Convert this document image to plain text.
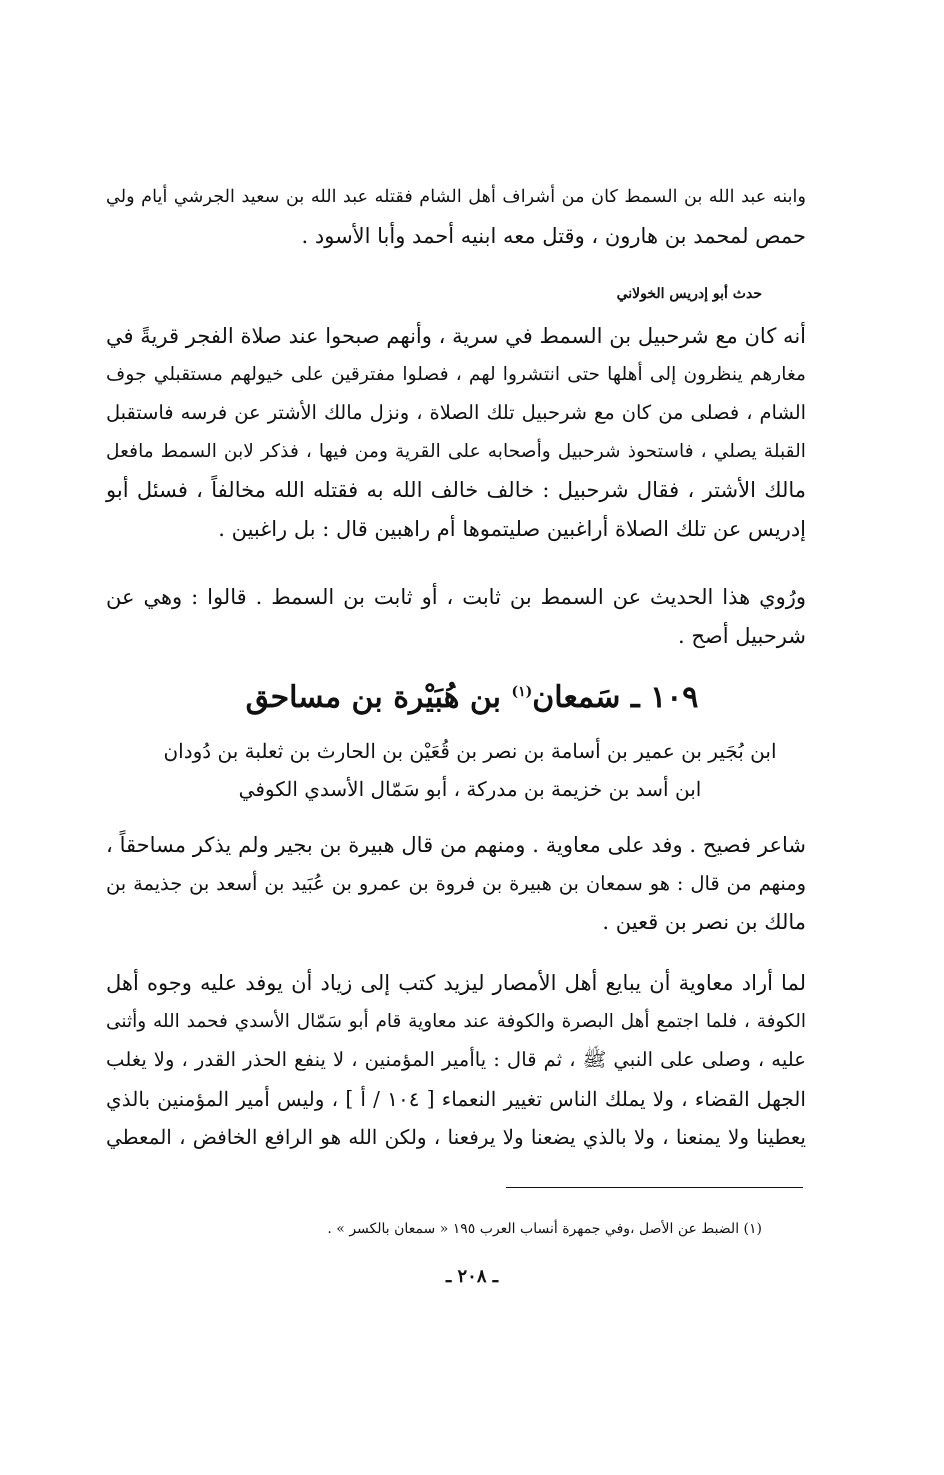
وابنه عبد الله بن السمط كان من أشراف أهل الشام فقتله عبد الله بن سعيد الجرشي أيام ولي
حمص لمحمد بن هارون ، وقتل معه ابنيه أحمد وأبا الأسود .
حدث أبو إدريس الخولاني
أنه كان مع شرحبيل بن السمط في سرية ، وأنهم صبحوا عند صلاة الفجر قريةً في
مغارهم ينظرون إلى أهلها حتى انتشروا لهم ، فصلوا مفترقين على خيولهم مستقبلي جوف
الشام ، فصلى من كان مع شرحبيل تلك الصلاة ، ونزل مالك الأشتر عن فرسه فاستقبل
القبلة يصلي ، فاستحوذ شرحبيل وأصحابه على القرية ومن فيها ، فذكر لابن السمط مافعل
مالك الأشتر ، فقال شرحبيل : خالف خالف الله به فقتله الله مخالفاً ، فسئل أبو
إدريس عن تلك الصلاة أراغبين صليتموها أم راهبين قال : بل راغبين .
ورُوي هذا الحديث عن السمط بن ثابت ، أو ثابت بن السمط . قالوا : وهي عن
شرحبيل أصح .
١٠٩ ـ سَمعان$^{(١)}$ بن هُبَيْرة بن مساحق
ابن بُجَير بن عمير بن أسامة بن نصر بن قُعَيْن بن الحارث بن ثعلبة بن دُودان
ابن أسد بن خزيمة بن مدركة ، أبو سَمّال الأسدي الكوفي
شاعر فصيح . وفد على معاوية . ومنهم من قال هبيرة بن بجير ولم يذكر مساحقاً ،
ومنهم من قال : هو سمعان بن هبيرة بن فروة بن عمرو بن عُبَيد بن أسعد بن جذيمة بن
مالك بن نصر بن قعين .
لما أراد معاوية أن يبايع أهل الأمصار ليزيد كتب إلى زياد أن يوفد عليه وجوه أهل
الكوفة ، فلما اجتمع أهل البصرة والكوفة عند معاوية قام أبو سَمّال الأسدي فحمد الله وأثنى
عليه ، وصلى على النبي ﷺ ، ثم قال : ياأمير المؤمنين ، لا ينفع الحذر القدر ، ولا يغلب
الجهل القضاء ، ولا يملك الناس تغيير النعماء [ ١٠٤ / أ ] ، وليس أمير المؤمنين بالذي
يعطينا ولا يمنعنا ، ولا بالذي يضعنا ولا يرفعنا ، ولكن الله هو الرافع الخافض ، المعطي
(١) الضبط عن الأصل ،وفي جمهرة أنساب العرب ١٩٥ « سمعان بالكسر » .
ـ ٢٠٨ ـ
